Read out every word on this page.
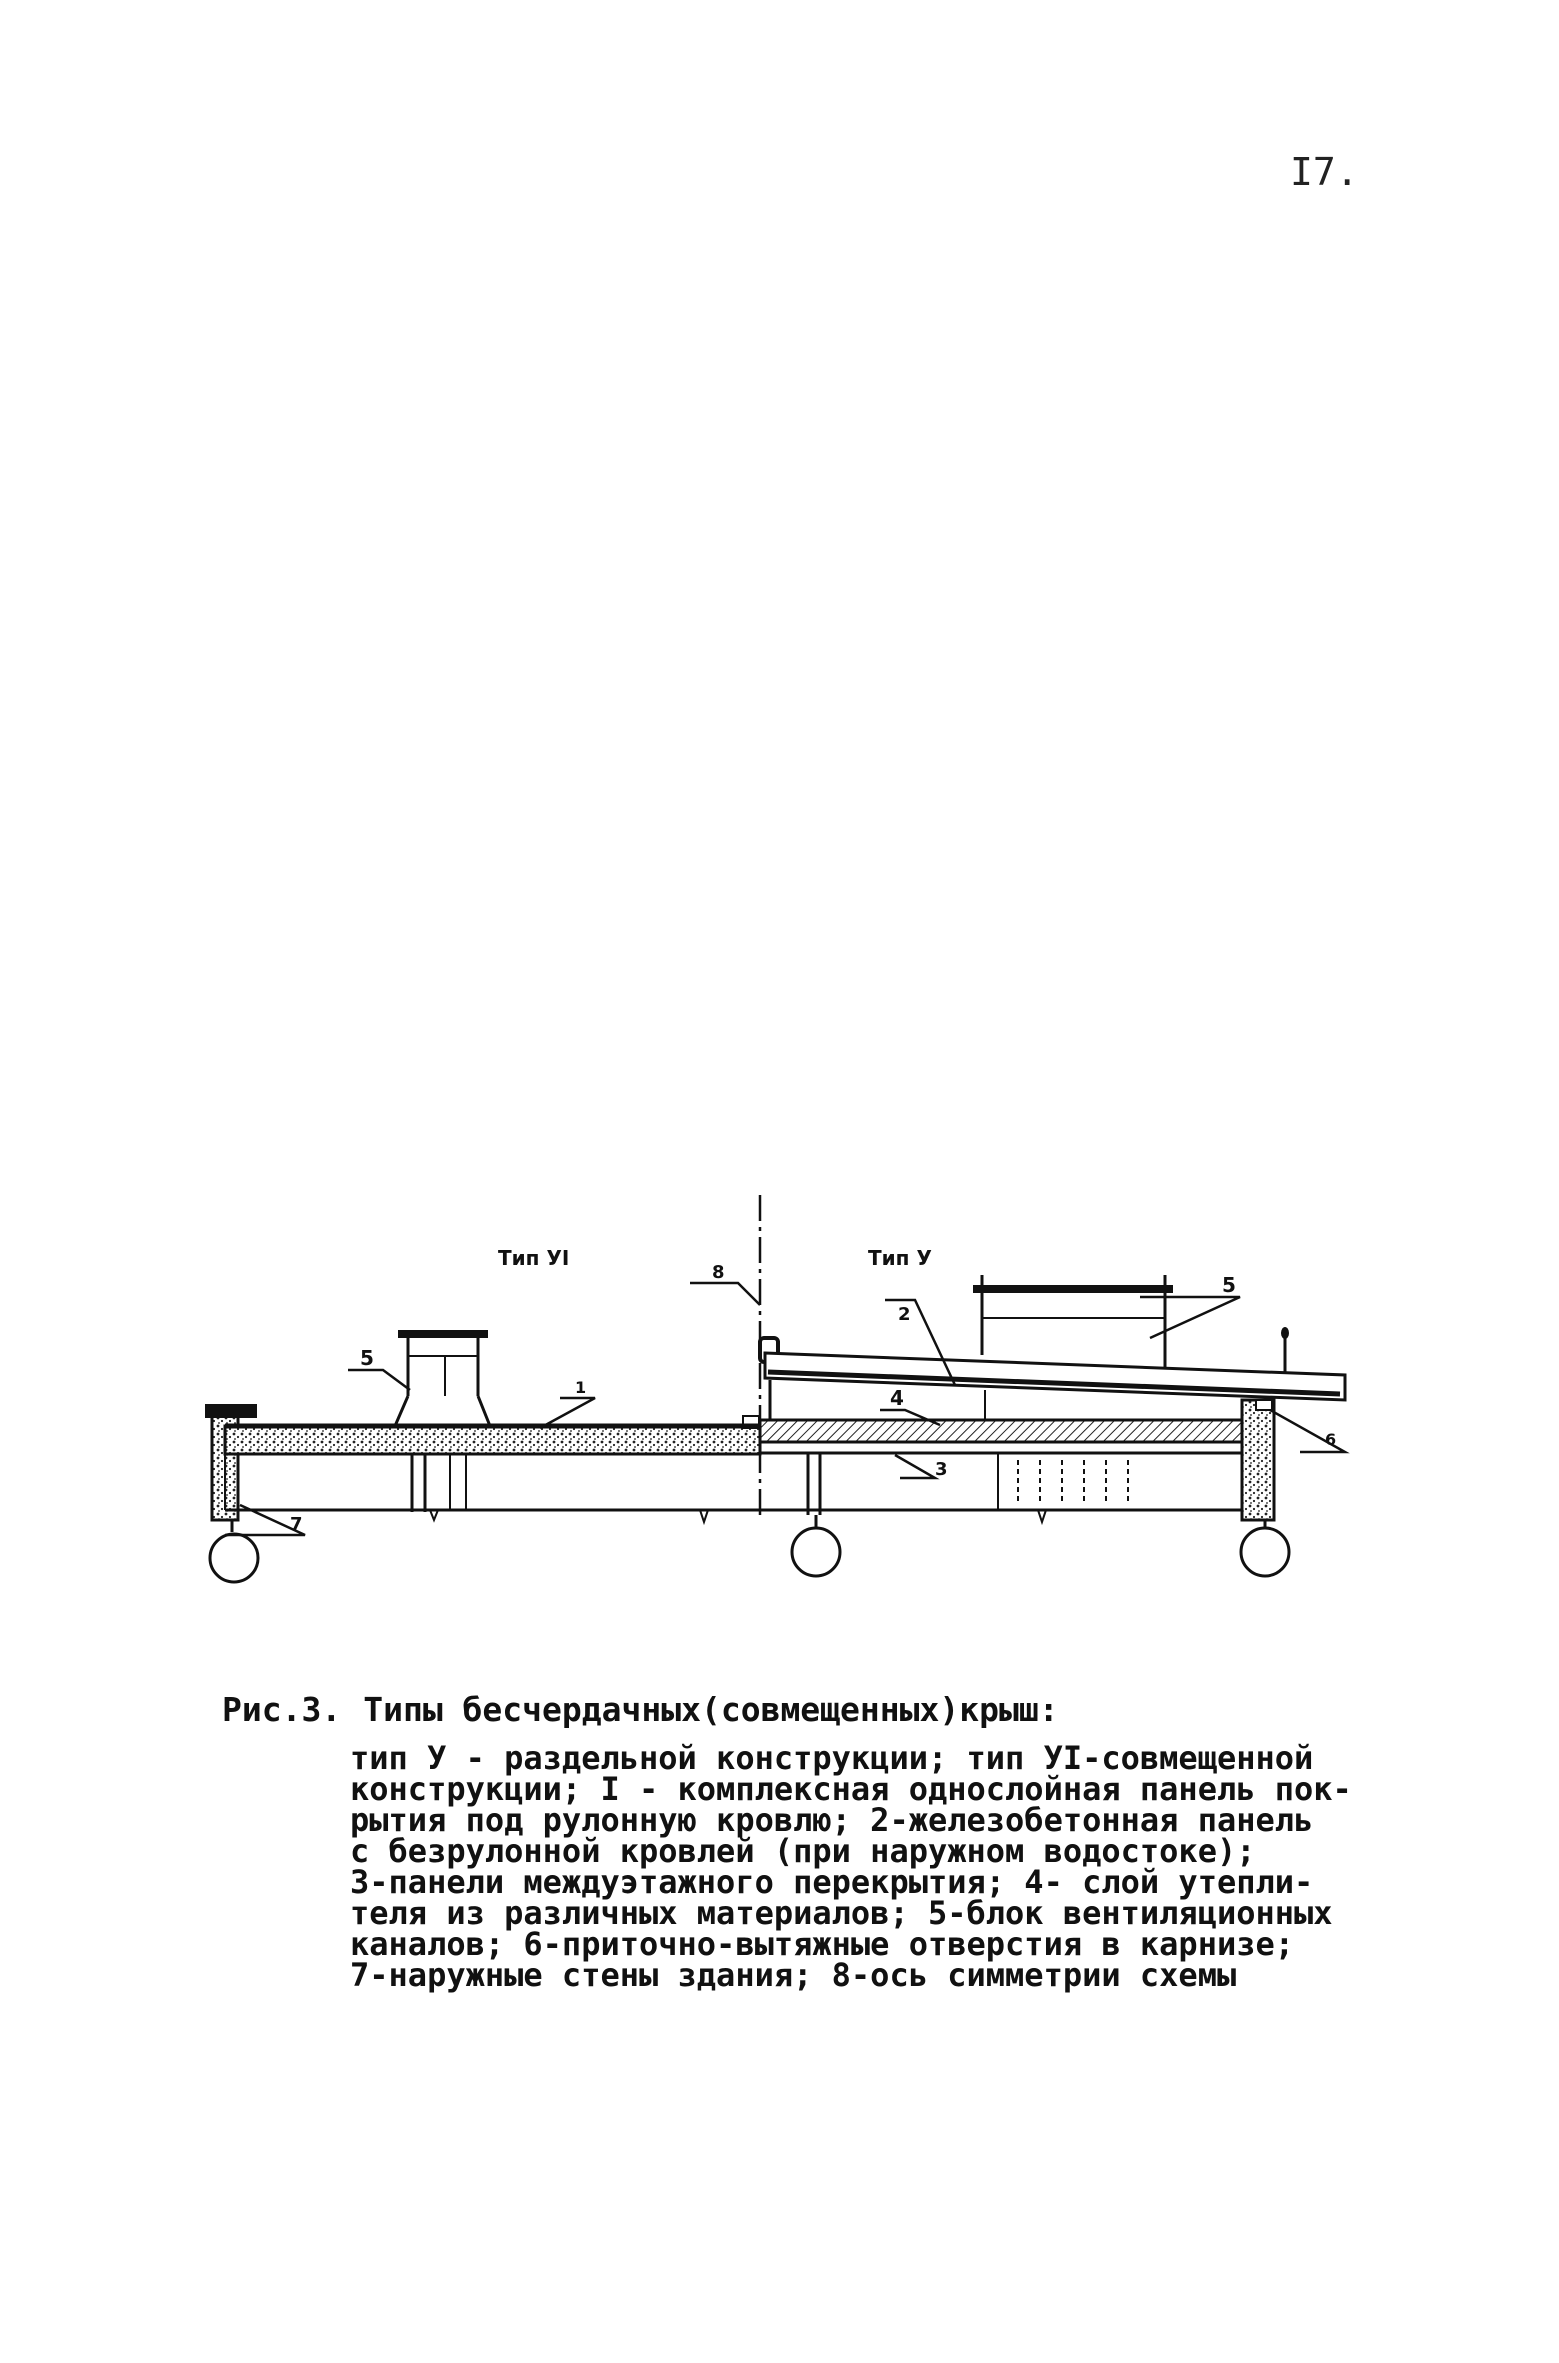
I7.
5
1	4
2
3
5
6
7
8
Тип УI	Тип У
Рис.3. Типы бесчердачных(совмещенных)крыш:
тип У - раздельной конструкции; тип УI-совмещенной
конструкции; I - комплексная однослойная панель пок-
рытия под рулонную кровлю; 2-железобетонная панель
с безрулонной кровлей (при наружном водостоке);
3-панели междуэтажного перекрытия; 4- слой утепли-
теля из различных материалов; 5-блок вентиляционных
каналов; 6-приточно-вытяжные отверстия в карнизе;
7-наружные стены здания; 8-ось симметрии схемы
